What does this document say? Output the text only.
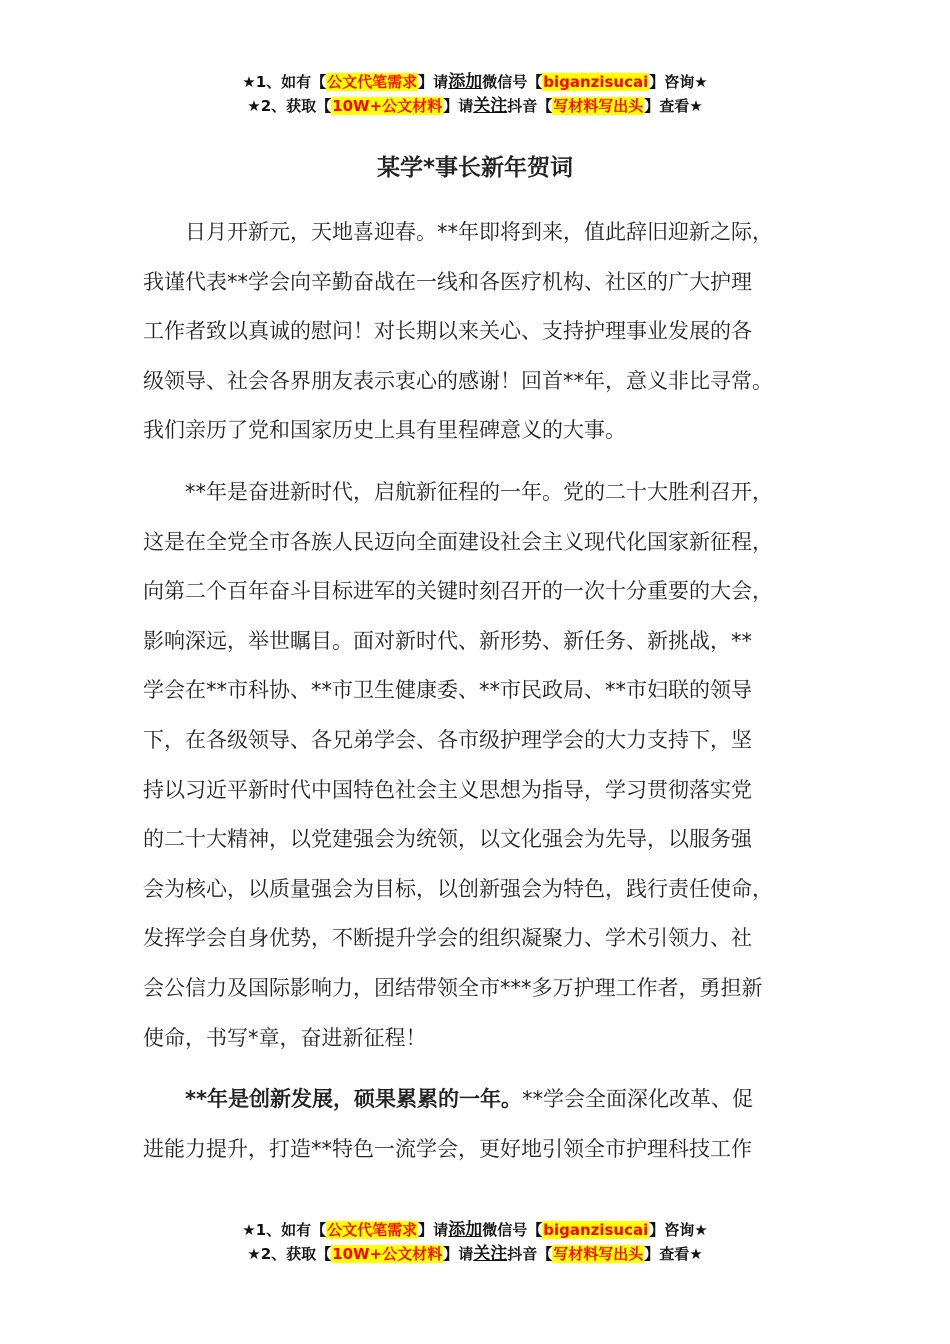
★1、如有【公文代笔需求】请添加微信号【biganzisucai】咨询★
★2、获取【10W+公文材料】请关注抖音【写材料写出头】查看★
某学*事长新年贺词
日月开新元，天地喜迎春。**年即将到来，值此辞旧迎新之际，
我谨代表**学会向辛勤奋战在一线和各医疗机构、社区的广大护理
工作者致以真诚的慰问！对长期以来关心、支持护理事业发展的各
级领导、社会各界朋友表示衷心的感谢！回首**年，意义非比寻常。
我们亲历了党和国家历史上具有里程碑意义的大事。
**年是奋进新时代，启航新征程的一年。党的二十大胜利召开，
这是在全党全市各族人民迈向全面建设社会主义现代化国家新征程，
向第二个百年奋斗目标进军的关键时刻召开的一次十分重要的大会，
影响深远，举世瞩目。面对新时代、新形势、新任务、新挑战，**
学会在**市科协、**市卫生健康委、**市民政局、**市妇联的领导
下，在各级领导、各兄弟学会、各市级护理学会的大力支持下，坚
持以习近平新时代中国特色社会主义思想为指导，学习贯彻落实党
的二十大精神，以党建强会为统领，以文化强会为先导，以服务强
会为核心，以质量强会为目标，以创新强会为特色，践行责任使命，
发挥学会自身优势，不断提升学会的组织凝聚力、学术引领力、社
会公信力及国际影响力，团结带领全市***多万护理工作者，勇担新
使命，书写*章，奋进新征程！
**年是创新发展，硕果累累的一年。**学会全面深化改革、促
进能力提升，打造**特色一流学会，更好地引领全市护理科技工作
★1、如有【公文代笔需求】请添加微信号【biganzisucai】咨询★
★2、获取【10W+公文材料】请关注抖音【写材料写出头】查看★
